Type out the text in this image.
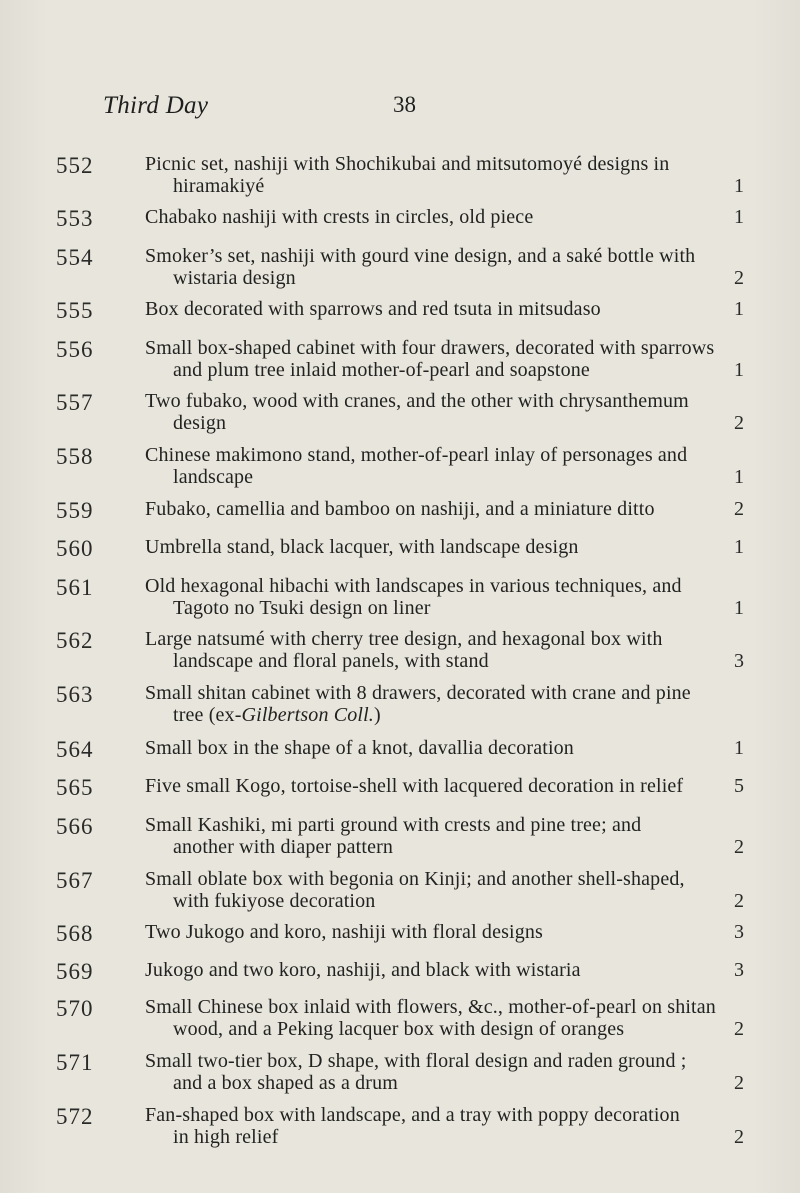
Third Day	38
552	Picnic set, nashiji with Shochikubai and mitsutomoyé designs in
hiramakiyé	1
553	Chabako nashiji with crests in circles, old piece	1
554	Smoker’s set, nashiji with gourd vine design, and a saké bottle with
wistaria design	2
555	Box decorated with sparrows and red tsuta in mitsudaso	1
556	Small box-shaped cabinet with four drawers, decorated with sparrows
and plum tree inlaid mother-of-pearl and soapstone	1
557	Two fubako, wood with cranes, and the other with chrysanthemum
design	2
558	Chinese makimono stand, mother-of-pearl inlay of personages and
landscape	1
559	Fubako, camellia and bamboo on nashiji, and a miniature ditto	2
560	Umbrella stand, black lacquer, with landscape design	1
561	Old hexagonal hibachi with landscapes in various techniques, and
Tagoto no Tsuki design on liner	1
562	Large natsumé with cherry tree design, and hexagonal box with
landscape and floral panels, with stand	3
563	Small shitan cabinet with 8 drawers, decorated with crane and pine
tree (ex-Gilbertson Coll.)
564	Small box in the shape of a knot, davallia decoration	1
565	Five small Kogo, tortoise-shell with lacquered decoration in relief	5
566	Small Kashiki, mi parti ground with crests and pine tree; and
another with diaper pattern	2
567	Small oblate box with begonia on Kinji; and another shell-shaped,
with fukiyose decoration	2
568	Two Jukogo and koro, nashiji with floral designs	3
569	Jukogo and two koro, nashiji, and black with wistaria	3
570	Small Chinese box inlaid with flowers, &c., mother-of-pearl on shitan
wood, and a Peking lacquer box with design of oranges	2
571	Small two-tier box, D shape, with floral design and raden ground ;
and a box shaped as a drum	2
572	Fan-shaped box with landscape, and a tray with poppy decoration
in high relief	2
